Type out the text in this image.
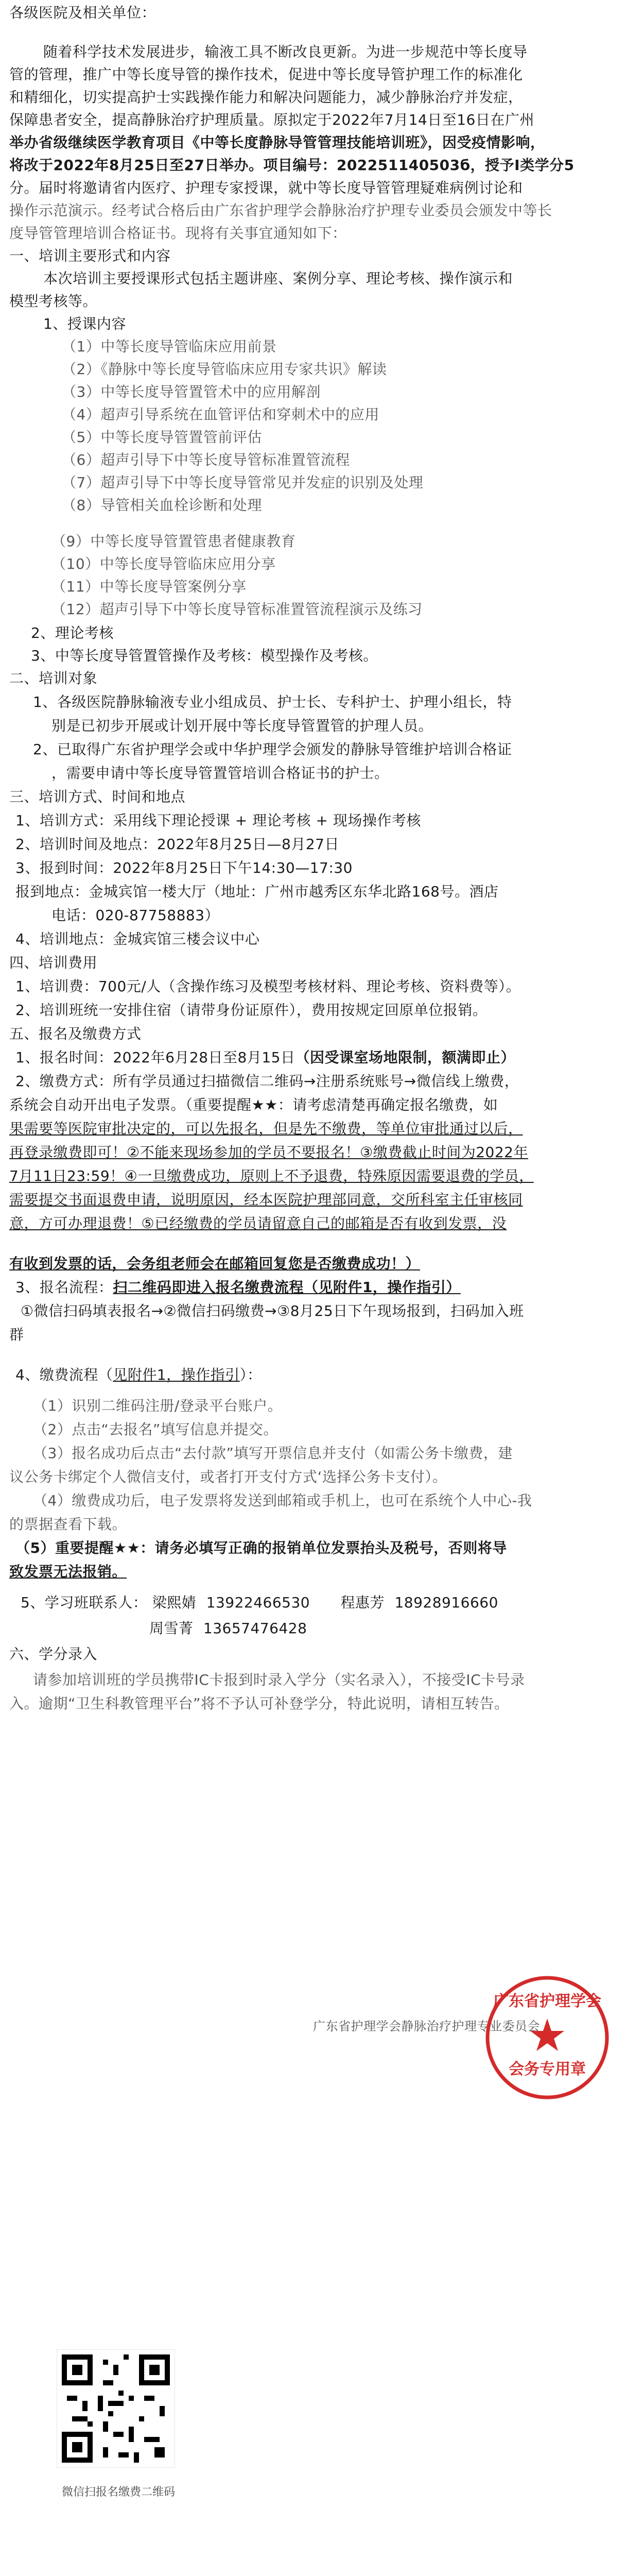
各级医院及相关单位：
随着科学技术发展进步，输液工具不断改良更新。为进一步规范中等长度导
管的管理，推广中等长度导管的操作技术，促进中等长度导管护理工作的标准化
和精细化，切实提高护士实践操作能力和解决问题能力，减少静脉治疗并发症，
保障患者安全，提高静脉治疗护理质量。原拟定于2022年7月14日至16日在广州
举办省级继续医学教育项目《中等长度静脉导管管理技能培训班》，因受疫情影响，
将改于2022年8月25日至27日举办。项目编号：202251140503б，授予Ⅰ类学分5
分。届时将邀请省内医疗、护理专家授课，就中等长度导管管理疑难病例讨论和
操作示范演示。经考试合格后由广东省护理学会静脉治疗护理专业委员会颁发中等长
度导管管理培训合格证书。现将有关事宜通知如下：
一、培训主要形式和内容
本次培训主要授课形式包括主题讲座、案例分享、理论考核、操作演示和
模型考核等。
1、授课内容
（1）中等长度导管临床应用前景
（2）《静脉中等长度导管临床应用专家共识》解读
（3）中等长度导管置管术中的应用解剖
（4）超声引导系统在血管评估和穿刺术中的应用
（5）中等长度导管置管前评估
（6）超声引导下中等长度导管标准置管流程
（7）超声引导下中等长度导管常见并发症的识别及处理
（8）导管相关血栓诊断和处理
（9）中等长度导管置管患者健康教育
（10）中等长度导管临床应用分享
（11）中等长度导管案例分享
（12）超声引导下中等长度导管标准置管流程演示及练习
2、理论考核
3、中等长度导管置管操作及考核：模型操作及考核。
二、培训对象
1、各级医院静脉输液专业小组成员、护士长、专科护士、护理小组长，特
别是已初步开展或计划开展中等长度导管置管的护理人员。
2、已取得广东省护理学会或中华护理学会颁发的静脉导管维护培训合格证
，需要申请中等长度导管置管培训合格证书的护士。
三、培训方式、时间和地点
1、培训方式：采用线下理论授课 + 理论考核 + 现场操作考核
2、培训时间及地点：2022年8月25日—8月27日
3、报到时间：2022年8月25日下午14:30—17:30
报到地点：金城宾馆一楼大厅（地址：广州市越秀区东华北路168号。酒店
电话：020-87758883）
4、培训地点：金城宾馆三楼会议中心
四、培训费用
1、培训费：700元/人（含操作练习及模型考核材料、理论考核、资料费等）。
2、培训班统一安排住宿（请带身份证原件），费用按规定回原单位报销。
五、报名及缴费方式
1、报名时间：2022年6月28日至8月15日（因受课室场地限制，额满即止）
2、缴费方式：所有学员通过扫描微信二维码→注册系统账号→微信线上缴费，
系统会自动开出电子发票。（重要提醒★★：请考虑清楚再确定报名缴费，如
果需要等医院审批决定的，可以先报名，但是先不缴费，等单位审批通过以后，
再登录缴费即可！②不能来现场参加的学员不要报名！③缴费截止时间为2022年
7月11日23:59！④一旦缴费成功，原则上不予退费，特殊原因需要退费的学员，
需要提交书面退费申请，说明原因，经本医院护理部同意，交所科室主任审核同
意，方可办理退费！⑤已经缴费的学员请留意自己的邮箱是否有收到发票，没
有收到发票的话，会务组老师会在邮箱回复您是否缴费成功！）
3、报名流程：扫二维码即进入报名缴费流程（见附件1，操作指引）
①微信扫码填表报名→②微信扫码缴费→③8月25日下午现场报到，扫码加入班
群
4、缴费流程（见附件1，操作指引）：
（1）识别二维码注册/登录平台账户。
（2）点击“去报名”填写信息并提交。
（3）报名成功后点击“去付款”填写开票信息并支付（如需公务卡缴费，建
议公务卡绑定个人微信支付，或者打开支付方式‘选择公务卡支付）。
（4）缴费成功后，电子发票将发送到邮箱或手机上，也可在系统个人中心-我
的票据查看下载。
（5）重要提醒★★：请务必填写正确的报销单位发票抬头及税号，否则将导
致发票无法报销。
5、学习班联系人： 梁熙婧 13922466530 程惠芳 18928916660
周雪菁 13657476428
六、学分录入
请参加培训班的学员携带IC卡报到时录入学分（实名录入），不接受IC卡号录
入。逾期“卫生科教管理平台”将不予认可补登学分，特此说明，请相互转告。
广东省护理学会静脉治疗护理专业委员会
广东省护理学会
会务专用章
微信扫报名缴费二维码
